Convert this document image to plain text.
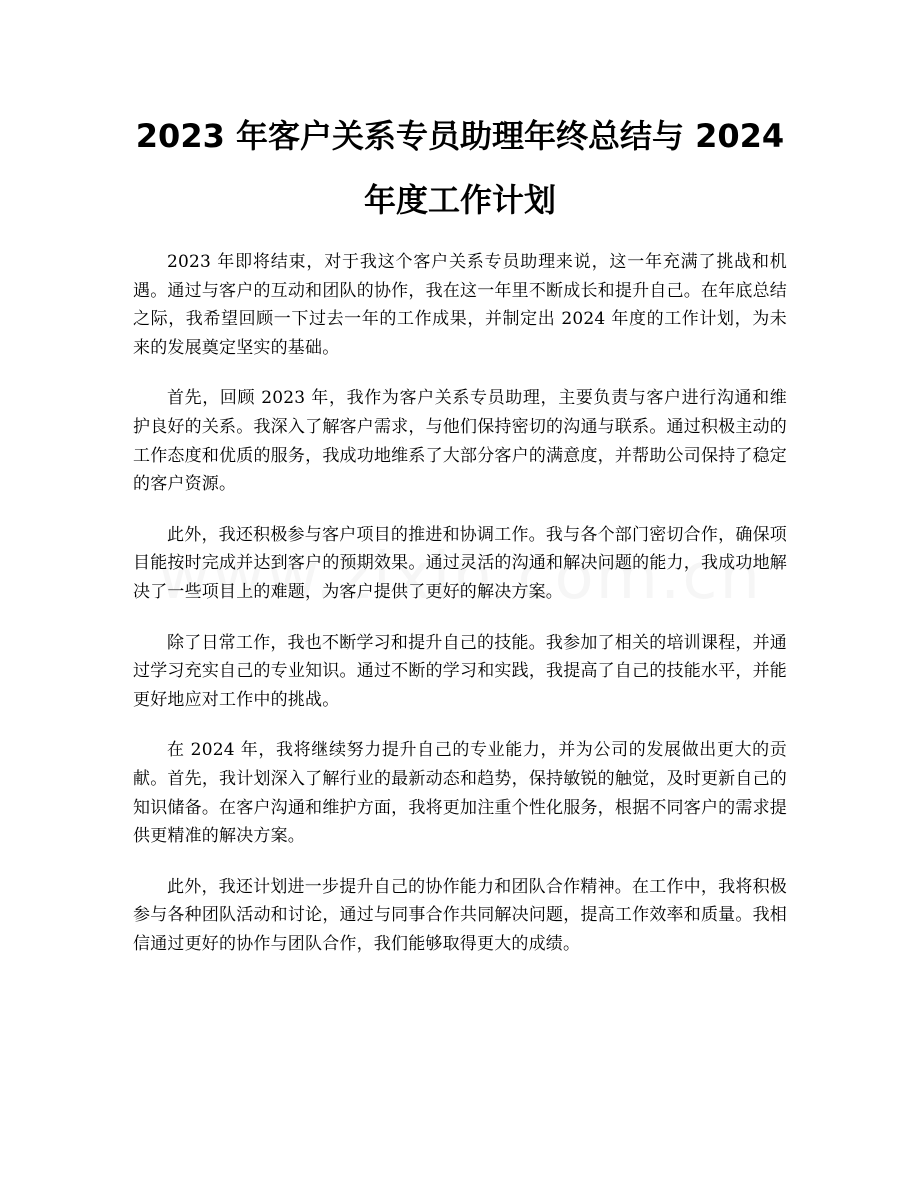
2023 年客户关系专员助理年终总结与 2024
年度工作计划

2023 年即将结束，对于我这个客户关系专员助理来说，这一年充满了挑战和机遇。通过与客户的互动和团队的协作，我在这一年里不断成长和提升自己。在年底总结之际，我希望回顾一下过去一年的工作成果，并制定出 2024 年度的工作计划，为未来的发展奠定坚实的基础。

首先，回顾 2023 年，我作为客户关系专员助理，主要负责与客户进行沟通和维护良好的关系。我深入了解客户需求，与他们保持密切的沟通与联系。通过积极主动的工作态度和优质的服务，我成功地维系了大部分客户的满意度，并帮助公司保持了稳定的客户资源。

此外，我还积极参与客户项目的推进和协调工作。我与各个部门密切合作，确保项目能按时完成并达到客户的预期效果。通过灵活的沟通和解决问题的能力，我成功地解决了一些项目上的难题，为客户提供了更好的解决方案。

除了日常工作，我也不断学习和提升自己的技能。我参加了相关的培训课程，并通过学习充实自己的专业知识。通过不断的学习和实践，我提高了自己的技能水平，并能更好地应对工作中的挑战。

在 2024 年，我将继续努力提升自己的专业能力，并为公司的发展做出更大的贡献。首先，我计划深入了解行业的最新动态和趋势，保持敏锐的触觉，及时更新自己的知识储备。在客户沟通和维护方面，我将更加注重个性化服务，根据不同客户的需求提供更精准的解决方案。

此外，我还计划进一步提升自己的协作能力和团队合作精神。在工作中，我将积极参与各种团队活动和讨论，通过与同事合作共同解决问题，提高工作效率和质量。我相信通过更好的协作与团队合作，我们能够取得更大的成绩。
